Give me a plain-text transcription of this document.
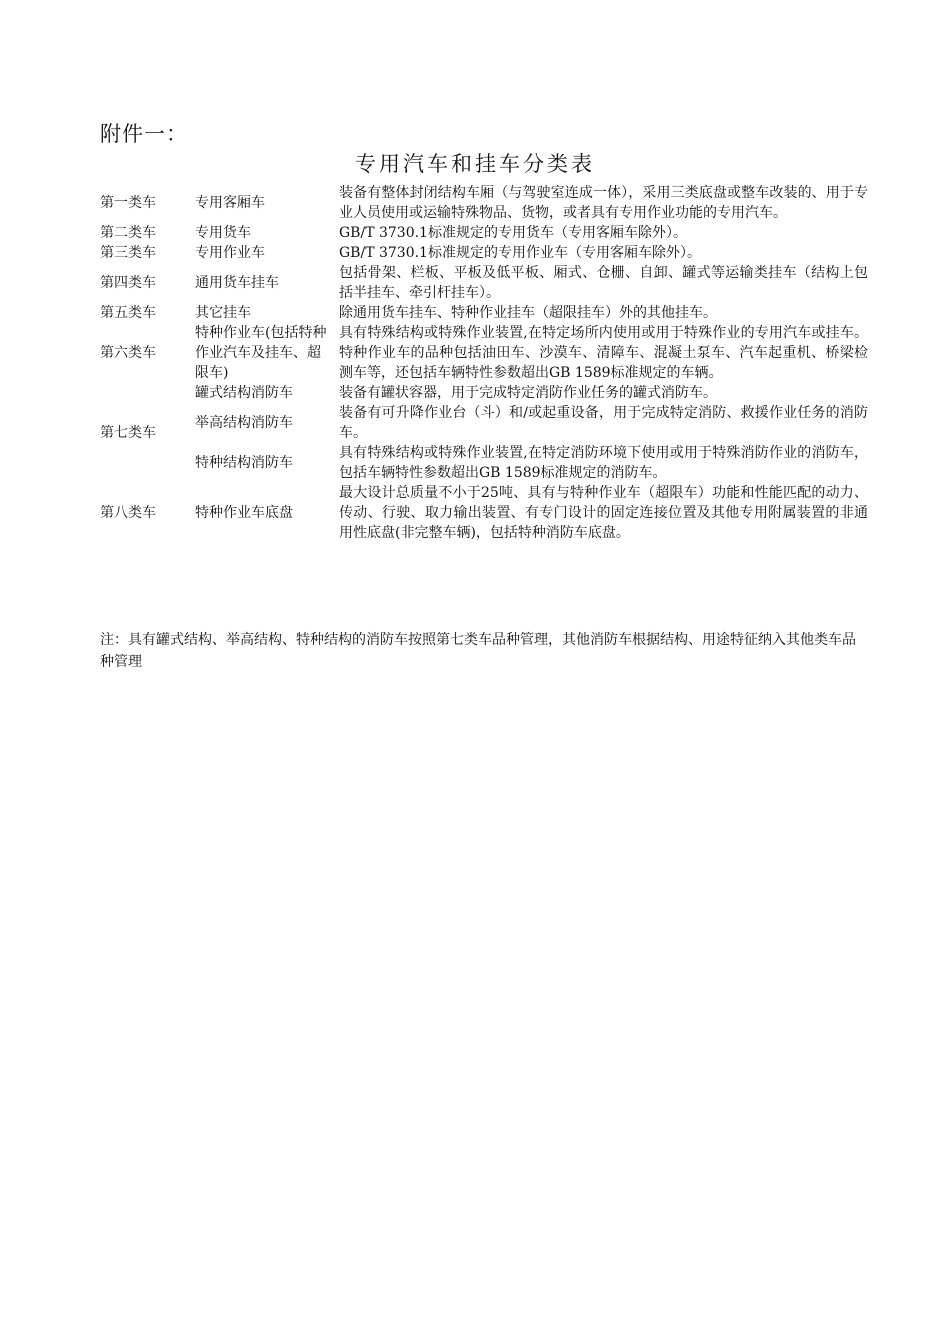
附件一：
专用汽车和挂车分类表
第一类车	专用客厢车	装备有整体封闭结构车厢（与驾驶室连成一体），采用三类底盘或整车改装的、用于专业人员使用或运输特殊物品、货物，或者具有专用作业功能的专用汽车。
第二类车	专用货车	GB/T 3730.1标准规定的专用货车（专用客厢车除外）。
第三类车	专用作业车	GB/T 3730.1标准规定的专用作业车（专用客厢车除外）。
第四类车	通用货车挂车	包括骨架、栏板、平板及低平板、厢式、仓栅、自卸、罐式等运输类挂车（结构上包括半挂车、牵引杆挂车）。
第五类车	其它挂车	除通用货车挂车、特种作业挂车（超限挂车）外的其他挂车。
第六类车	特种作业车(包括特种作业汽车及挂车、超限车)	具有特殊结构或特殊作业装置,在特定场所内使用或用于特殊作业的专用汽车或挂车。特种作业车的品种包括油田车、沙漠车、清障车、混凝土泵车、汽车起重机、桥梁检测车等，还包括车辆特性参数超出GB 1589标准规定的车辆。
第七类车	罐式结构消防车	装备有罐状容器，用于完成特定消防作业任务的罐式消防车。
	举高结构消防车	装备有可升降作业台（斗）和/或起重设备，用于完成特定消防、救援作业任务的消防车。
	特种结构消防车	具有特殊结构或特殊作业装置,在特定消防环境下使用或用于特殊消防作业的消防车，包括车辆特性参数超出GB 1589标准规定的消防车。
第八类车	特种作业车底盘	最大设计总质量不小于25吨、具有与特种作业车（超限车）功能和性能匹配的动力、传动、行驶、取力输出装置、有专门设计的固定连接位置及其他专用附属装置的非通用性底盘(非完整车辆)，包括特种消防车底盘。

注：具有罐式结构、举高结构、特种结构的消防车按照第七类车品种管理，其他消防车根据结构、用途特征纳入其他类车品种管理
